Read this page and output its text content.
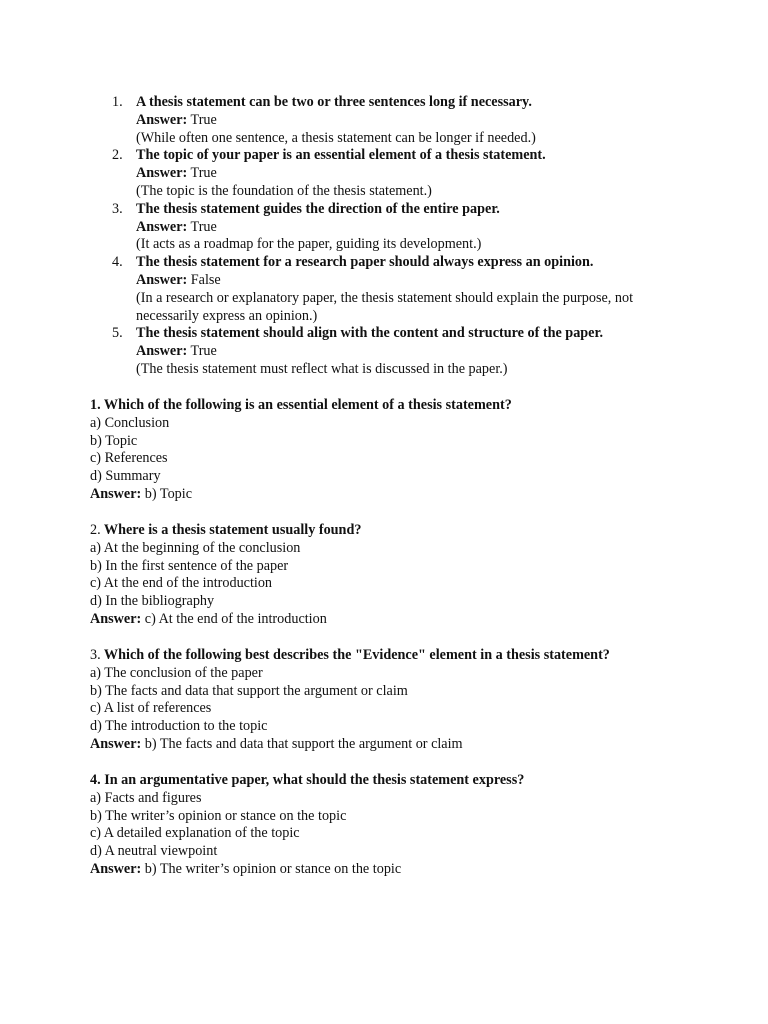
1. A thesis statement can be two or three sentences long if necessary.
Answer: True
(While often one sentence, a thesis statement can be longer if needed.)
2. The topic of your paper is an essential element of a thesis statement.
Answer: True
(The topic is the foundation of the thesis statement.)
3. The thesis statement guides the direction of the entire paper.
Answer: True
(It acts as a roadmap for the paper, guiding its development.)
4. The thesis statement for a research paper should always express an opinion.
Answer: False
(In a research or explanatory paper, the thesis statement should explain the purpose, not necessarily express an opinion.)
5. The thesis statement should align with the content and structure of the paper.
Answer: True
(The thesis statement must reflect what is discussed in the paper.)
1. Which of the following is an essential element of a thesis statement?
a) Conclusion
b) Topic
c) References
d) Summary
Answer: b) Topic
2. Where is a thesis statement usually found?
a) At the beginning of the conclusion
b) In the first sentence of the paper
c) At the end of the introduction
d) In the bibliography
Answer: c) At the end of the introduction
3. Which of the following best describes the "Evidence" element in a thesis statement?
a) The conclusion of the paper
b) The facts and data that support the argument or claim
c) A list of references
d) The introduction to the topic
Answer: b) The facts and data that support the argument or claim
4. In an argumentative paper, what should the thesis statement express?
a) Facts and figures
b) The writer’s opinion or stance on the topic
c) A detailed explanation of the topic
d) A neutral viewpoint
Answer: b) The writer’s opinion or stance on the topic
